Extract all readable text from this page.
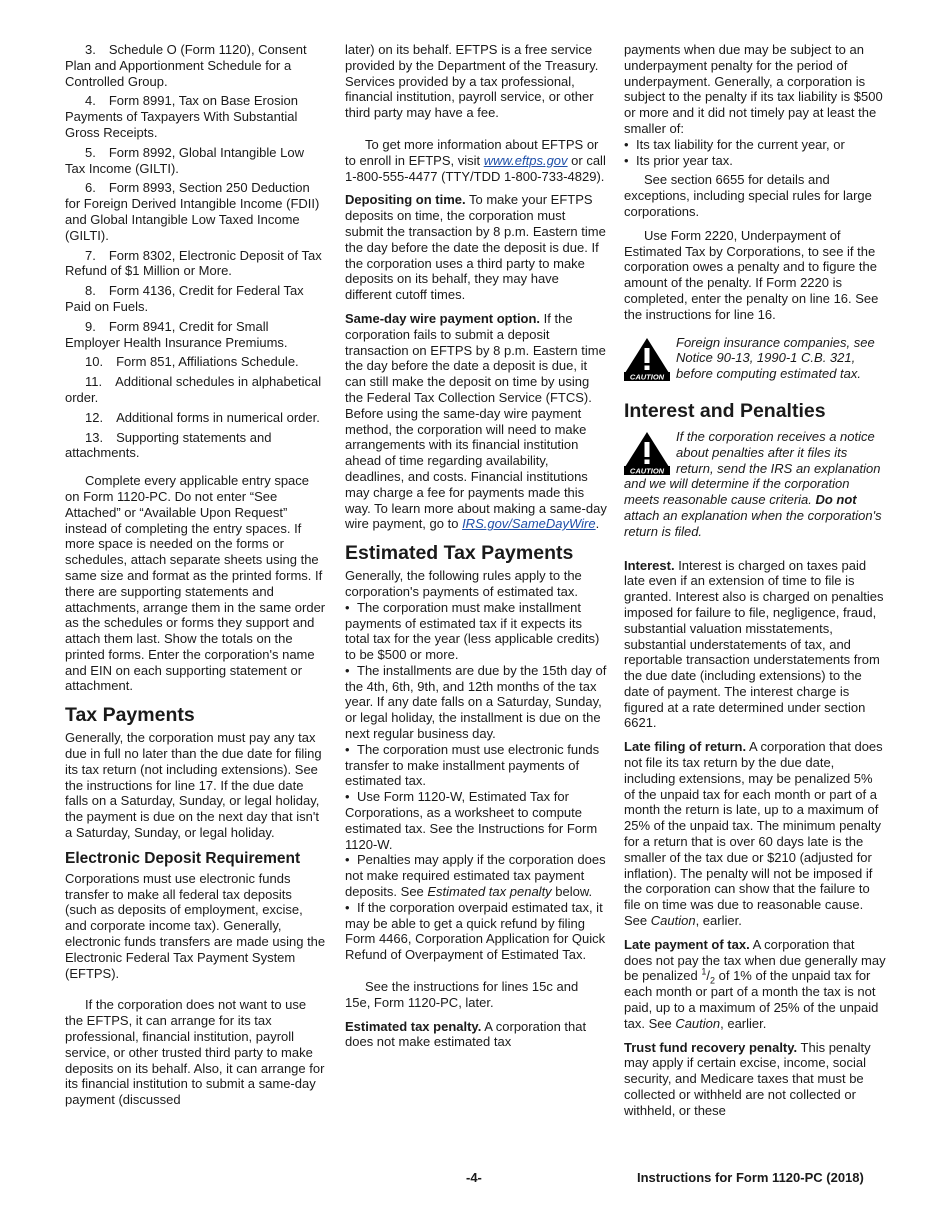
3. Schedule O (Form 1120), Consent Plan and Apportionment Schedule for a Controlled Group.

4. Form 8991, Tax on Base Erosion Payments of Taxpayers With Substantial Gross Receipts.

5. Form 8992, Global Intangible Low Tax Income (GILTI).

6. Form 8993, Section 250 Deduction for Foreign Derived Intangible Income (FDII) and Global Intangible Low Taxed Income (GILTI).

7. Form 8302, Electronic Deposit of Tax Refund of $1 Million or More.

8. Form 4136, Credit for Federal Tax Paid on Fuels.

9. Form 8941, Credit for Small Employer Health Insurance Premiums.

10. Form 851, Affiliations Schedule.

11. Additional schedules in alphabetical order.

12. Additional forms in numerical order.

13. Supporting statements and attachments.

Complete every applicable entry space on Form 1120-PC. Do not enter “See Attached” or “Available Upon Request” instead of completing the entry spaces. If more space is needed on the forms or schedules, attach separate sheets using the same size and format as the printed forms. If there are supporting statements and attachments, arrange them in the same order as the schedules or forms they support and attach them last. Show the totals on the printed forms. Enter the corporation's name and EIN on each supporting statement or attachment.

Tax Payments

Generally, the corporation must pay any tax due in full no later than the due date for filing its tax return (not including extensions). See the instructions for line 17. If the due date falls on a Saturday, Sunday, or legal holiday, the payment is due on the next day that isn't a Saturday, Sunday, or legal holiday.

Electronic Deposit Requirement

Corporations must use electronic funds transfer to make all federal tax deposits (such as deposits of employment, excise, and corporate income tax). Generally, electronic funds transfers are made using the Electronic Federal Tax Payment System (EFTPS).

If the corporation does not want to use the EFTPS, it can arrange for its tax professional, financial institution, payroll service, or other trusted third party to make deposits on its behalf. Also, it can arrange for its financial institution to submit a same-day payment (discussed

later) on its behalf. EFTPS is a free service provided by the Department of the Treasury. Services provided by a tax professional, financial institution, payroll service, or other third party may have a fee.

To get more information about EFTPS or to enroll in EFTPS, visit www.eftps.gov or call 1-800-555-4477 (TTY/TDD 1-800-733-4829).

Depositing on time. To make your EFTPS deposits on time, the corporation must submit the transaction by 8 p.m. Eastern time the day before the date the deposit is due. If the corporation uses a third party to make deposits on its behalf, they may have different cutoff times.

Same-day wire payment option. If the corporation fails to submit a deposit transaction on EFTPS by 8 p.m. Eastern time the day before the date a deposit is due, it can still make the deposit on time by using the Federal Tax Collection Service (FTCS). Before using the same-day wire payment method, the corporation will need to make arrangements with its financial institution ahead of time regarding availability, deadlines, and costs. Financial institutions may charge a fee for payments made this way. To learn more about making a same-day wire payment, go to IRS.gov/SameDayWire.

Estimated Tax Payments

Generally, the following rules apply to the corporation's payments of estimated tax.

• The corporation must make installment payments of estimated tax if it expects its total tax for the year (less applicable credits) to be $500 or more.

• The installments are due by the 15th day of the 4th, 6th, 9th, and 12th months of the tax year. If any date falls on a Saturday, Sunday, or legal holiday, the installment is due on the next regular business day.

• The corporation must use electronic funds transfer to make installment payments of estimated tax.

• Use Form 1120-W, Estimated Tax for Corporations, as a worksheet to compute estimated tax. See the Instructions for Form 1120-W.

• Penalties may apply if the corporation does not make required estimated tax payment deposits. See Estimated tax penalty below.

• If the corporation overpaid estimated tax, it may be able to get a quick refund by filing Form 4466, Corporation Application for Quick Refund of Overpayment of Estimated Tax.

See the instructions for lines 15c and 15e, Form 1120-PC, later.

Estimated tax penalty. A corporation that does not make estimated tax

payments when due may be subject to an underpayment penalty for the period of underpayment. Generally, a corporation is subject to the penalty if its tax liability is $500 or more and it did not timely pay at least the smaller of:

• Its tax liability for the current year, or

• Its prior year tax.

See section 6655 for details and exceptions, including special rules for large corporations.

Use Form 2220, Underpayment of Estimated Tax by Corporations, to see if the corporation owes a penalty and to figure the amount of the penalty. If Form 2220 is completed, enter the penalty on line 16. See the instructions for line 16.

CAUTION
Foreign insurance companies, see Notice 90-13, 1990-1 C.B. 321, before computing estimated tax.
Interest and Penalties
CAUTION
If the corporation receives a notice about penalties after it files its return, send the IRS an explanation and we will determine if the corporation meets reasonable cause criteria. Do not attach an explanation when the corporation's return is filed.

Interest. Interest is charged on taxes paid late even if an extension of time to file is granted. Interest also is charged on penalties imposed for failure to file, negligence, fraud, substantial valuation misstatements, substantial understatements of tax, and reportable transaction understatements from the due date (including extensions) to the date of payment. The interest charge is figured at a rate determined under section 6621.

Late filing of return. A corporation that does not file its tax return by the due date, including extensions, may be penalized 5% of the unpaid tax for each month or part of a month the return is late, up to a maximum of 25% of the unpaid tax. The minimum penalty for a return that is over 60 days late is the smaller of the tax due or $210 (adjusted for inflation). The penalty will not be imposed if the corporation can show that the failure to file on time was due to reasonable cause. See Caution, earlier.

Late payment of tax. A corporation that does not pay the tax when due generally may be penalized $^1/_2$ of 1% of the unpaid tax for each month or part of a month the tax is not paid, up to a maximum of 25% of the unpaid tax. See Caution, earlier.

Trust fund recovery penalty. This penalty may apply if certain excise, income, social security, and Medicare taxes that must be collected or withheld are not collected or withheld, or these

-4-	Instructions for Form 1120-PC (2018)
